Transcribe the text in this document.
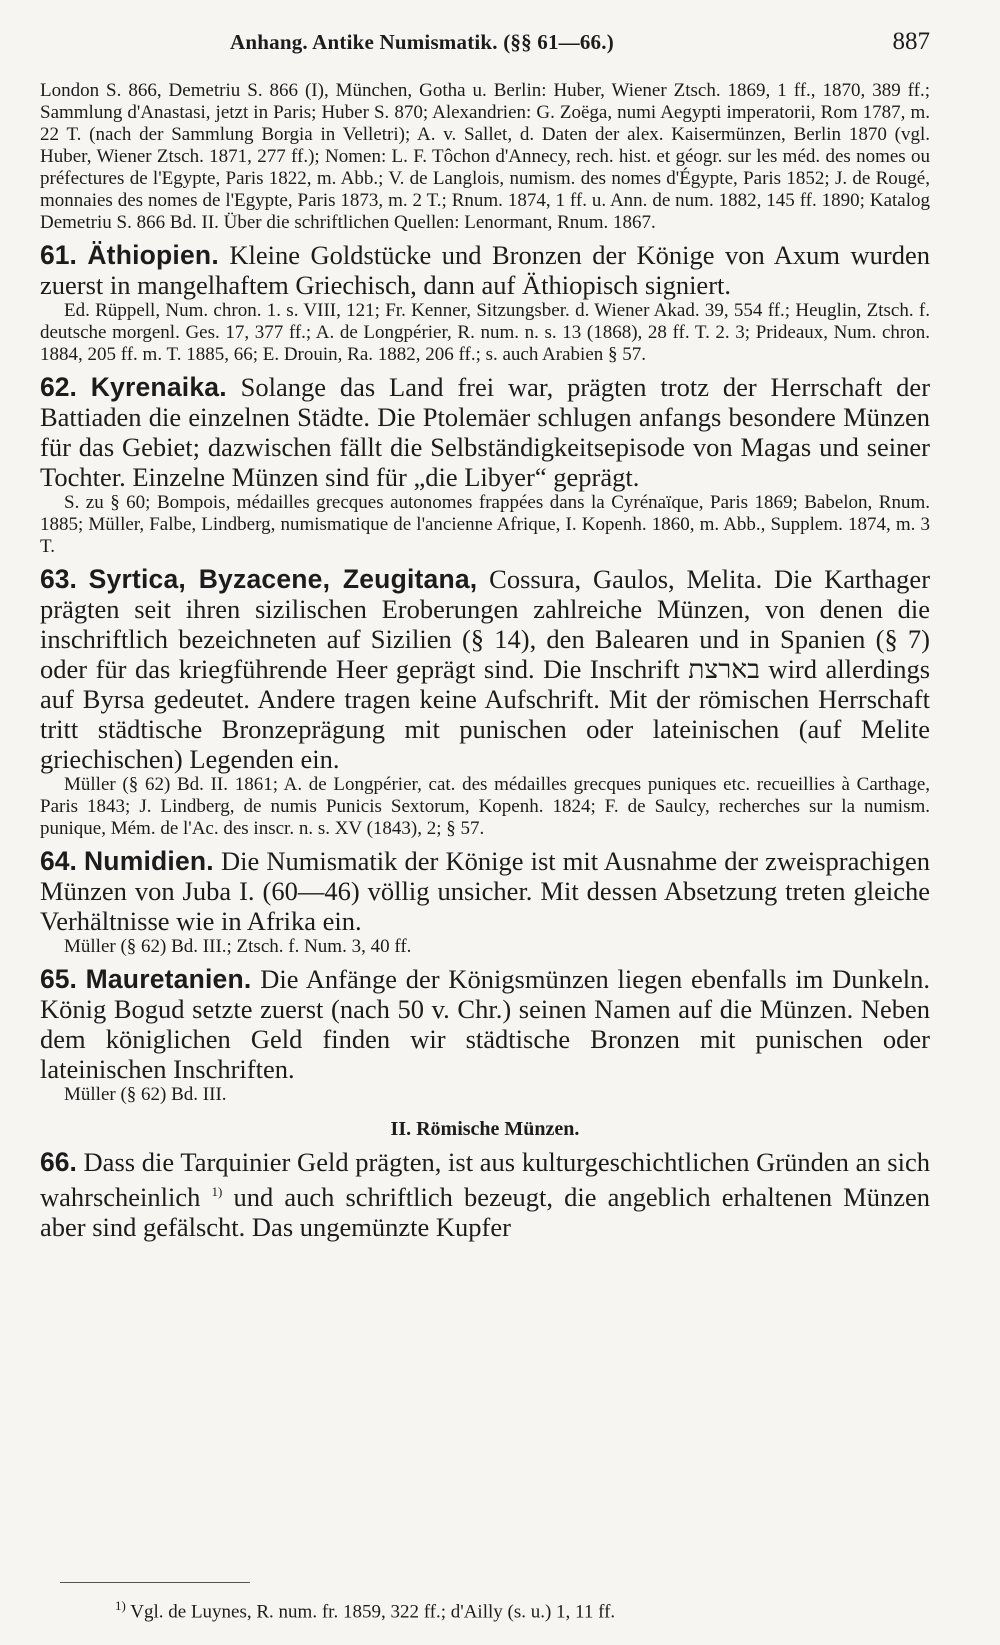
Anhang. Antike Numismatik. (§§ 61—66.)	887

London S. 866, Demetriu S. 866 (I), München, Gotha u. Berlin: Huber, Wiener Ztsch. 1869, 1 ff., 1870, 389 ff.; Sammlung d'Anastasi, jetzt in Paris; Huber S. 870; Alexandrien: G. Zoëga, numi Aegypti imperatorii, Rom 1787, m. 22 T. (nach der Sammlung Borgia in Velletri); A. v. Sallet, d. Daten der alex. Kaisermünzen, Berlin 1870 (vgl. Huber, Wiener Ztsch. 1871, 277 ff.); Nomen: L. F. Tôchon d'Annecy, rech. hist. et géogr. sur les méd. des nomes ou préfectures de l'Egypte, Paris 1822, m. Abb.; V. de Langlois, numism. des nomes d'Égypte, Paris 1852; J. de Rougé, monnaies des nomes de l'Egypte, Paris 1873, m. 2 T.; Rnum. 1874, 1 ff. u. Ann. de num. 1882, 145 ff. 1890; Katalog Demetriu S. 866 Bd. II. Über die schriftlichen Quellen: Lenormant, Rnum. 1867.

61. Äthiopien. Kleine Goldstücke und Bronzen der Könige von Axum wurden zuerst in mangelhaftem Griechisch, dann auf Äthiopisch signiert.

Ed. Rüppell, Num. chron. 1. s. VIII, 121; Fr. Kenner, Sitzungsber. d. Wiener Akad. 39, 554 ff.; Heuglin, Ztsch. f. deutsche morgenl. Ges. 17, 377 ff.; A. de Longpérier, R. num. n. s. 13 (1868), 28 ff. T. 2. 3; Prideaux, Num. chron. 1884, 205 ff. m. T. 1885, 66; E. Drouin, Ra. 1882, 206 ff.; s. auch Arabien § 57.

62. Kyrenaika. Solange das Land frei war, prägten trotz der Herrschaft der Battiaden die einzelnen Städte. Die Ptolemäer schlugen anfangs besondere Münzen für das Gebiet; dazwischen fällt die Selbständigkeitsepisode von Magas und seiner Tochter. Einzelne Münzen sind für „die Libyer“ geprägt.

S. zu § 60; Bompois, médailles grecques autonomes frappées dans la Cyrénaïque, Paris 1869; Babelon, Rnum. 1885; Müller, Falbe, Lindberg, numismatique de l'ancienne Afrique, I. Kopenh. 1860, m. Abb., Supplem. 1874, m. 3 T.

63. Syrtica, Byzacene, Zeugitana, Cossura, Gaulos, Melita. Die Karthager prägten seit ihren sizilischen Eroberungen zahlreiche Münzen, von denen die inschriftlich bezeichneten auf Sizilien (§ 14), den Balearen und in Spanien (§ 7) oder für das kriegführende Heer geprägt sind. Die Inschrift בארצת wird allerdings auf Byrsa gedeutet. Andere tragen keine Aufschrift. Mit der römischen Herrschaft tritt städtische Bronzeprägung mit punischen oder lateinischen (auf Melite griechischen) Legenden ein.

Müller (§ 62) Bd. II. 1861; A. de Longpérier, cat. des médailles grecques puniques etc. recueillies à Carthage, Paris 1843; J. Lindberg, de numis Punicis Sextorum, Kopenh. 1824; F. de Saulcy, recherches sur la numism. punique, Mém. de l'Ac. des inscr. n. s. XV (1843), 2; § 57.

64. Numidien. Die Numismatik der Könige ist mit Ausnahme der zweisprachigen Münzen von Juba I. (60—46) völlig unsicher. Mit dessen Absetzung treten gleiche Verhältnisse wie in Afrika ein.

Müller (§ 62) Bd. III.; Ztsch. f. Num. 3, 40 ff.

65. Mauretanien. Die Anfänge der Königsmünzen liegen ebenfalls im Dunkeln. König Bogud setzte zuerst (nach 50 v. Chr.) seinen Namen auf die Münzen. Neben dem königlichen Geld finden wir städtische Bronzen mit punischen oder lateinischen Inschriften.

Müller (§ 62) Bd. III.

II. Römische Münzen.

66. Dass die Tarquinier Geld prägten, ist aus kulturgeschichtlichen Gründen an sich wahrscheinlich $^{1)}$ und auch schriftlich bezeugt, die angeblich erhaltenen Münzen aber sind gefälscht. Das ungemünzte Kupfer

$^{1)}$ Vgl. de Luynes, R. num. fr. 1859, 322 ff.; d'Ailly (s. u.) 1, 11 ff.
